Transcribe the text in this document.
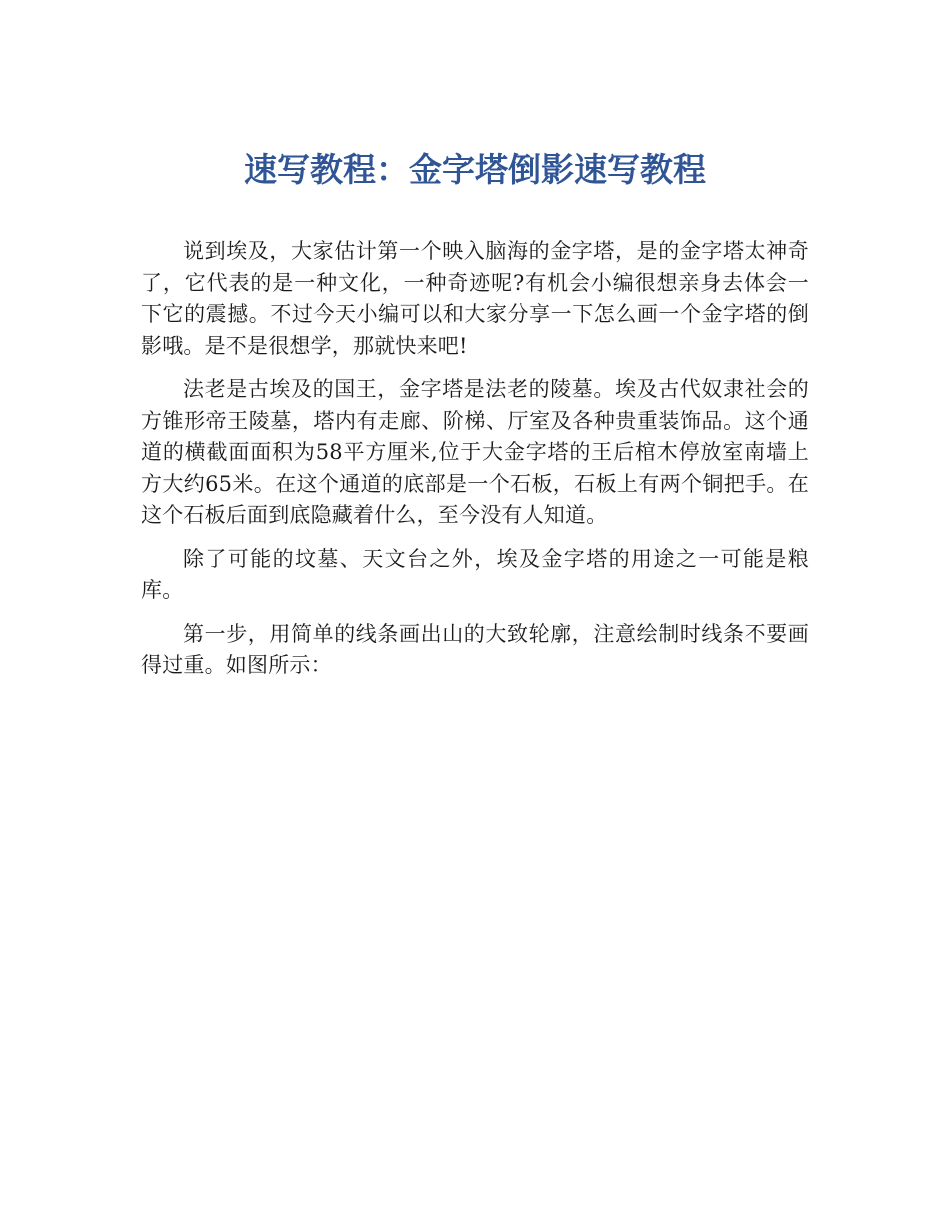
速写教程：金字塔倒影速写教程

说到埃及，大家估计第一个映入脑海的金字塔，是的金字塔太神奇了，它代表的是一种文化，一种奇迹呢?有机会小编很想亲身去体会一下它的震撼。不过今天小编可以和大家分享一下怎么画一个金字塔的倒影哦。是不是很想学，那就快来吧!

法老是古埃及的国王，金字塔是法老的陵墓。埃及古代奴隶社会的方锥形帝王陵墓，塔内有走廊、阶梯、厅室及各种贵重装饰品。这个通道的横截面面积为58平方厘米,位于大金字塔的王后棺木停放室南墙上方大约65米。在这个通道的底部是一个石板，石板上有两个铜把手。在这个石板后面到底隐藏着什么，至今没有人知道。

除了可能的坟墓、天文台之外，埃及金字塔的用途之一可能是粮库。

第一步，用简单的线条画出山的大致轮廓，注意绘制时线条不要画得过重。如图所示：
